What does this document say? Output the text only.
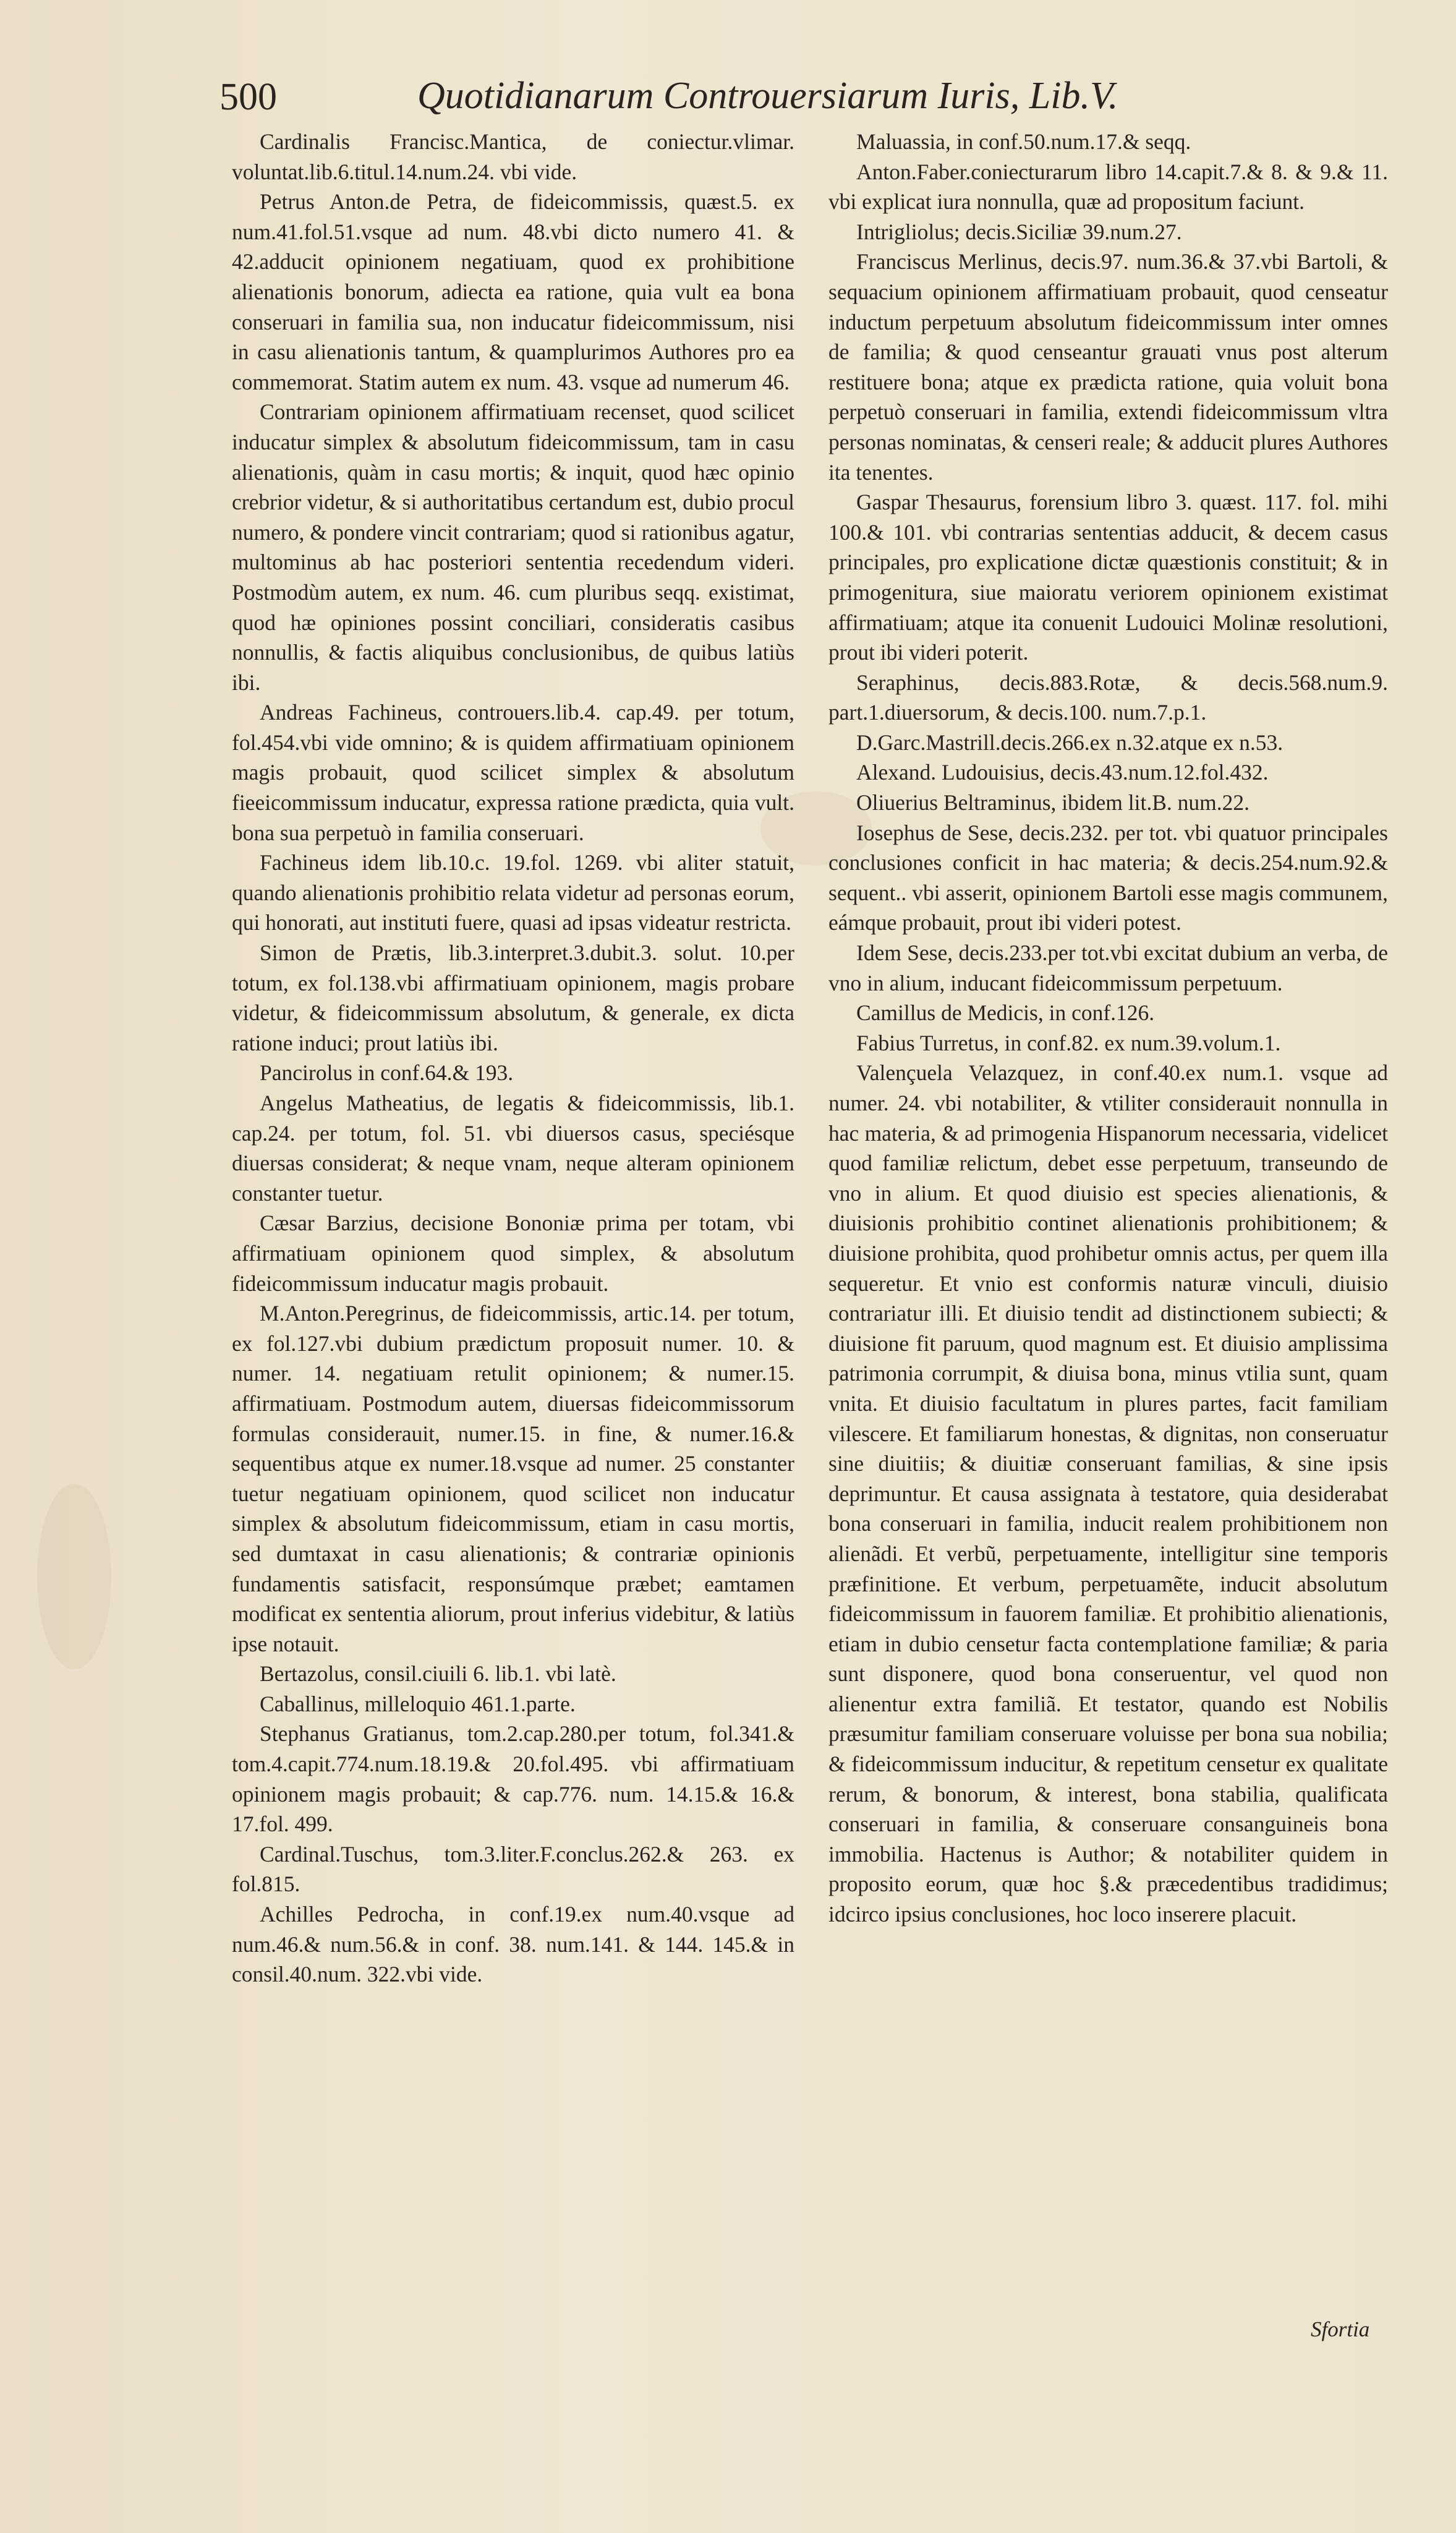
500	Quotidianarum Controuersiarum Iuris, Lib.V.

Cardinalis Francisc.Mantica, de coniectur.vlimar. voluntat.lib.6.titul.14.num.24. vbi vide.

Petrus Anton.de Petra, de fideicommissis, quæst.5. ex num.41.fol.51.vsque ad num. 48.vbi dicto numero 41. & 42.adducit opinionem negatiuam, quod ex prohibitione alienationis bonorum, adiecta ea ratione, quia vult ea bona conseruari in familia sua, non inducatur fideicommissum, nisi in casu alienationis tantum, & quamplurimos Authores pro ea commemorat. Statim autem ex num. 43. vsque ad numerum 46.

Contrariam opinionem affirmatiuam recenset, quod scilicet inducatur simplex & absolutum fideicommissum, tam in casu alienationis, quàm in casu mortis; & inquit, quod hæc opinio crebrior videtur, & si authoritatibus certandum est, dubio procul numero, & pondere vincit contrariam; quod si rationibus agatur, multominus ab hac posteriori sententia recedendum videri. Postmodùm autem, ex num. 46. cum pluribus seqq. existimat, quod hæ opiniones possint conciliari, consideratis casibus nonnullis, & factis aliquibus conclusionibus, de quibus latiùs ibi.

Andreas Fachineus, controuers.lib.4. cap.49. per totum, fol.454.vbi vide omnino; & is quidem affirmatiuam opinionem magis probauit, quod scilicet simplex & absolutum fieeicommissum inducatur, expressa ratione prædicta, quia vult. bona sua perpetuò in familia conseruari.

Fachineus idem lib.10.c. 19.fol. 1269. vbi aliter statuit, quando alienationis prohibitio relata videtur ad personas eorum, qui honorati, aut instituti fuere, quasi ad ipsas videatur restricta.

Simon de Prætis, lib.3.interpret.3.dubit.3. solut. 10.per totum, ex fol.138.vbi affirmatiuam opinionem, magis probare videtur, & fideicommissum absolutum, & generale, ex dicta ratione induci; prout latiùs ibi.

Pancirolus in conf.64.& 193.

Angelus Matheatius, de legatis & fideicommissis, lib.1. cap.24. per totum, fol. 51. vbi diuersos casus, speciésque diuersas considerat; & neque vnam, neque alteram opinionem constanter tuetur.

Cæsar Barzius, decisione Bononiæ prima per totam, vbi affirmatiuam opinionem quod simplex, & absolutum fideicommissum inducatur magis probauit.

M.Anton.Peregrinus, de fideicommissis, artic.14. per totum, ex fol.127.vbi dubium prædictum proposuit numer. 10. & numer. 14. negatiuam retulit opinionem; & numer.15. affirmatiuam. Postmodum autem, diuersas fideicommissorum formulas considerauit, numer.15. in fine, & numer.16.& sequentibus atque ex numer.18.vsque ad numer. 25 constanter tuetur negatiuam opinionem, quod scilicet non inducatur simplex & absolutum fideicommissum, etiam in casu mortis, sed dumtaxat in casu alienationis; & contrariæ opinionis fundamentis satisfacit, responsúmque præbet; eamtamen modificat ex sententia aliorum, prout inferius videbitur, & latiùs ipse notauit.

Bertazolus, consil.ciuili 6. lib.1. vbi latè.

Caballinus, milleloquio 461.1.parte.

Stephanus Gratianus, tom.2.cap.280.per totum, fol.341.& tom.4.capit.774.num.18.19.& 20.fol.495. vbi affirmatiuam opinionem magis probauit; & cap.776. num. 14.15.& 16.& 17.fol. 499.

Cardinal.Tuschus, tom.3.liter.F.conclus.262.& 263. ex fol.815.

Achilles Pedrocha, in conf.19.ex num.40.vsque ad num.46.& num.56.& in conf. 38. num.141. & 144. 145.& in consil.40.num. 322.vbi vide.

Maluassia, in conf.50.num.17.& seqq.

Anton.Faber.coniecturarum libro 14.capit.7.& 8. & 9.& 11. vbi explicat iura nonnulla, quæ ad propositum faciunt.

Intrigliolus; decis.Siciliæ 39.num.27.

Franciscus Merlinus, decis.97. num.36.& 37.vbi Bartoli, & sequacium opinionem affirmatiuam probauit, quod censeatur inductum perpetuum absolutum fideicommissum inter omnes de familia; & quod censeantur grauati vnus post alterum restituere bona; atque ex prædicta ratione, quia voluit bona perpetuò conseruari in familia, extendi fideicommissum vltra personas nominatas, & censeri reale; & adducit plures Authores ita tenentes.

Gaspar Thesaurus, forensium libro 3. quæst. 117. fol. mihi 100.& 101. vbi contrarias sententias adducit, & decem casus principales, pro explicatione dictæ quæstionis constituit; & in primogenitura, siue maioratu veriorem opinionem existimat affirmatiuam; atque ita conuenit Ludouici Molinæ resolutioni, prout ibi videri poterit.

Seraphinus, decis.883.Rotæ, & decis.568.num.9. part.1.diuersorum, & decis.100. num.7.p.1.

D.Garc.Mastrill.decis.266.ex n.32.atque ex n.53.

Alexand. Ludouisius, decis.43.num.12.fol.432.

Oliuerius Beltraminus, ibidem lit.B. num.22.

Iosephus de Sese, decis.232. per tot. vbi quatuor principales conclusiones conficit in hac materia; & decis.254.num.92.& sequent.. vbi asserit, opinionem Bartoli esse magis communem, eámque probauit, prout ibi videri potest.

Idem Sese, decis.233.per tot.vbi excitat dubium an verba, de vno in alium, inducant fideicommissum perpetuum.

Camillus de Medicis, in conf.126.

Fabius Turretus, in conf.82. ex num.39.volum.1.

Valençuela Velazquez, in conf.40.ex num.1. vsque ad numer. 24. vbi notabiliter, & vtiliter considerauit nonnulla in hac materia, & ad primogenia Hispanorum necessaria, videlicet quod familiæ relictum, debet esse perpetuum, transeundo de vno in alium. Et quod diuisio est species alienationis, & diuisionis prohibitio continet alienationis prohibitionem; & diuisione prohibita, quod prohibetur omnis actus, per quem illa sequeretur. Et vnio est conformis naturæ vinculi, diuisio contrariatur illi. Et diuisio tendit ad distinctionem subiecti; & diuisione fit paruum, quod magnum est. Et diuisio amplissima patrimonia corrumpit, & diuisa bona, minus vtilia sunt, quam vnita. Et diuisio facultatum in plures partes, facit familiam vilescere. Et familiarum honestas, & dignitas, non conseruatur sine diuitiis; & diuitiæ conseruant familias, & sine ipsis deprimuntur. Et causa assignata à testatore, quia desiderabat bona conseruari in familia, inducit realem prohibitionem non alienãdi. Et verbũ, perpetuamente, intelligitur sine temporis præfinitione. Et verbum, perpetuamẽte, inducit absolutum fideicommissum in fauorem familiæ. Et prohibitio alienationis, etiam in dubio censetur facta contemplatione familiæ; & paria sunt disponere, quod bona conseruentur, vel quod non alienentur extra familiã. Et testator, quando est Nobilis præsumitur familiam conseruare voluisse per bona sua nobilia; & fideicommissum inducitur, & repetitum censetur ex qualitate rerum, & bonorum, & interest, bona stabilia, qualificata conseruari in familia, & conseruare consanguineis bona immobilia. Hactenus is Author; & notabiliter quidem in proposito eorum, quæ hoc §.& præcedentibus tradidimus; idcirco ipsius conclusiones, hoc loco inserere placuit.

Sfortia
